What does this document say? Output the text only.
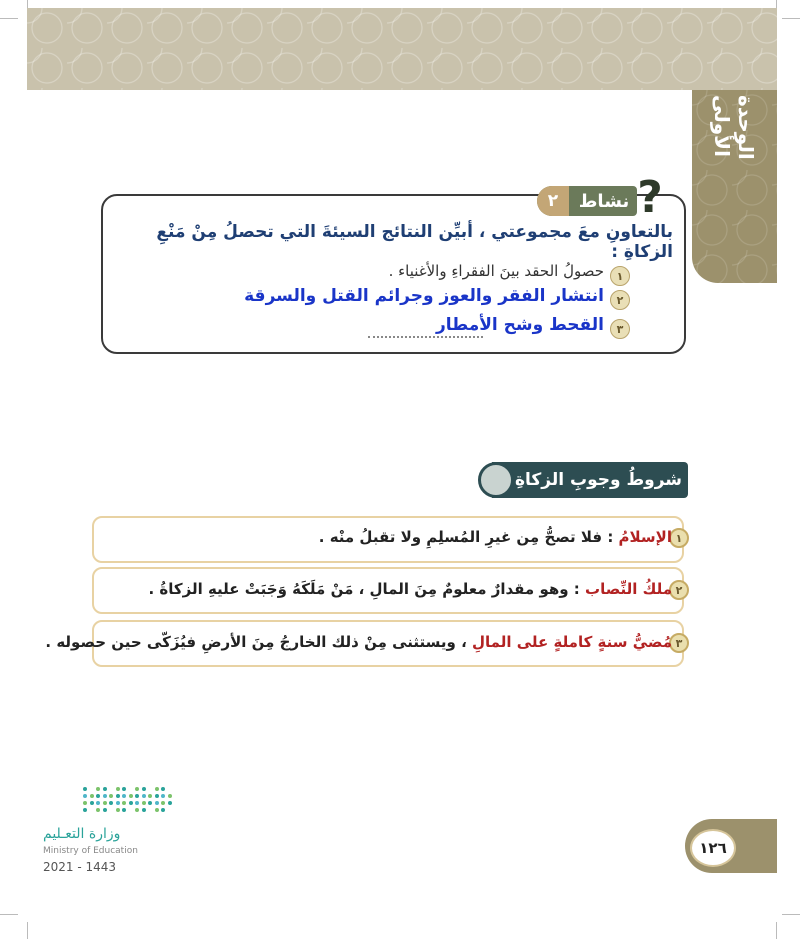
الوحدة الأولى
٢	نشاط ?
بالتعاونِ معَ مجموعتي ، أبيِّن النتائج السيئةَ التي تحصلُ مِنْ مَنْعِ الزكاةِ :
١
حصولُ الحقد بينَ الفقراءِ والأغنياء .
٢
انتشار الفقر والعوز وجرائم القتل والسرقة
٣
القحط وشح الأمطار
شروطُ وجوبِ الزكاةِ
١
الإسلامُ : فلا تصحُّ مِن غيرِ المُسلِمِ ولا تقبلُ منْه .
٢
ملكُ النِّصاب : وهو مقدارٌ معلومٌ مِنَ المالِ ، مَنْ مَلَكَهُ وَجَبَتْ عليهِ الزكاةُ .
٣
مُضيُّ سنةٍ كاملةٍ على المالِ ، ويستثنى مِنْ ذلك الخارجُ مِنَ الأرضِ فيُزَكّى حين حصوله .
وزارة التعـليم
Ministry of Education
2021 - 1443
١٢٦
